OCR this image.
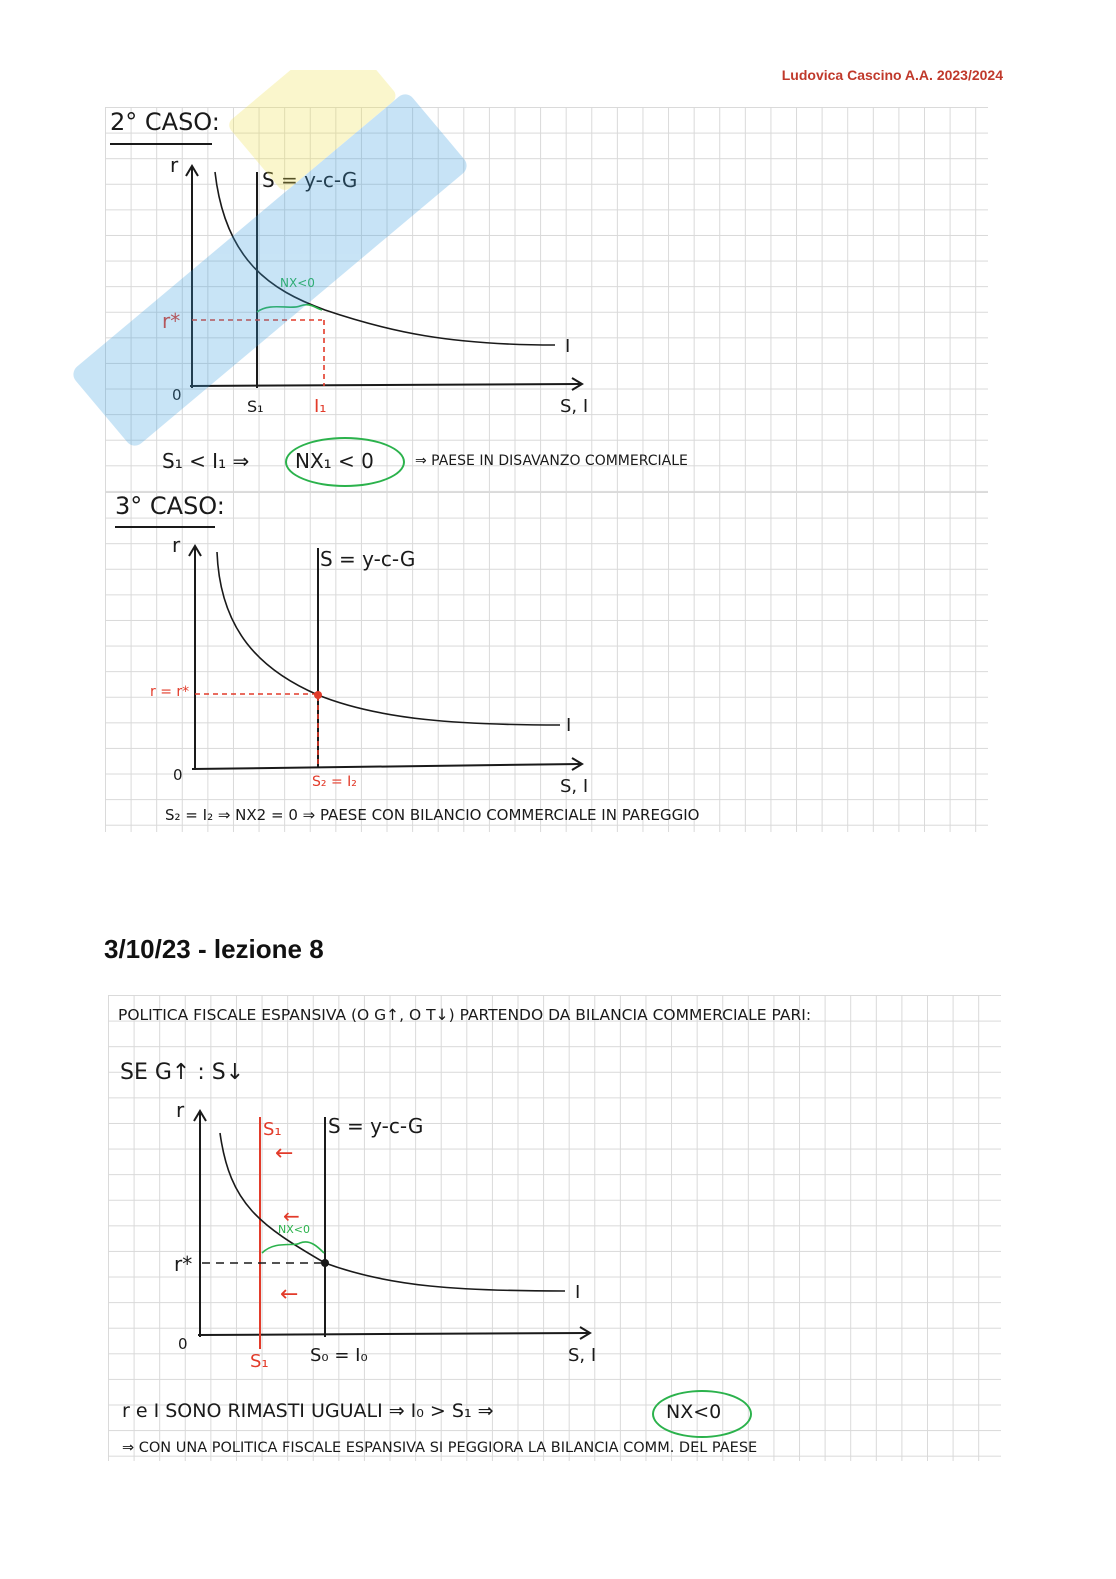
Ludovica Cascino A.A. 2023/2024
2° CASO:
NX<0
r
S = y-c-G
I
r*
0
S₁	I₁	S, I
S₁ < I₁ ⇒ NX₁ < 0	⇒ PAESE IN DISAVANZO COMMERCIALE
3° CASO:
r
S = y-c-G
I
r = r*
0	S₂ = I₂	S, I
S₂ = I₂ ⇒ NX2 = 0 ⇒ PAESE CON BILANCIO COMMERCIALE IN PAREGGIO
3/10/23 - lezione 8
POLITICA FISCALE ESPANSIVA (O G↑, O T↓) PARTENDO DA BILANCIA COMMERCIALE PARI:
SE G↑ : S↓
NX<0
←
←
←
r
S₁ S = y-c-G
I
r*
0
S₁ S₀ = I₀	S, I
r e I SONO RIMASTI UGUALI ⇒ I₀ > S₁ ⇒	NX<0
⇒ CON UNA POLITICA FISCALE ESPANSIVA SI PEGGIORA LA BILANCIA COMM. DEL PAESE
